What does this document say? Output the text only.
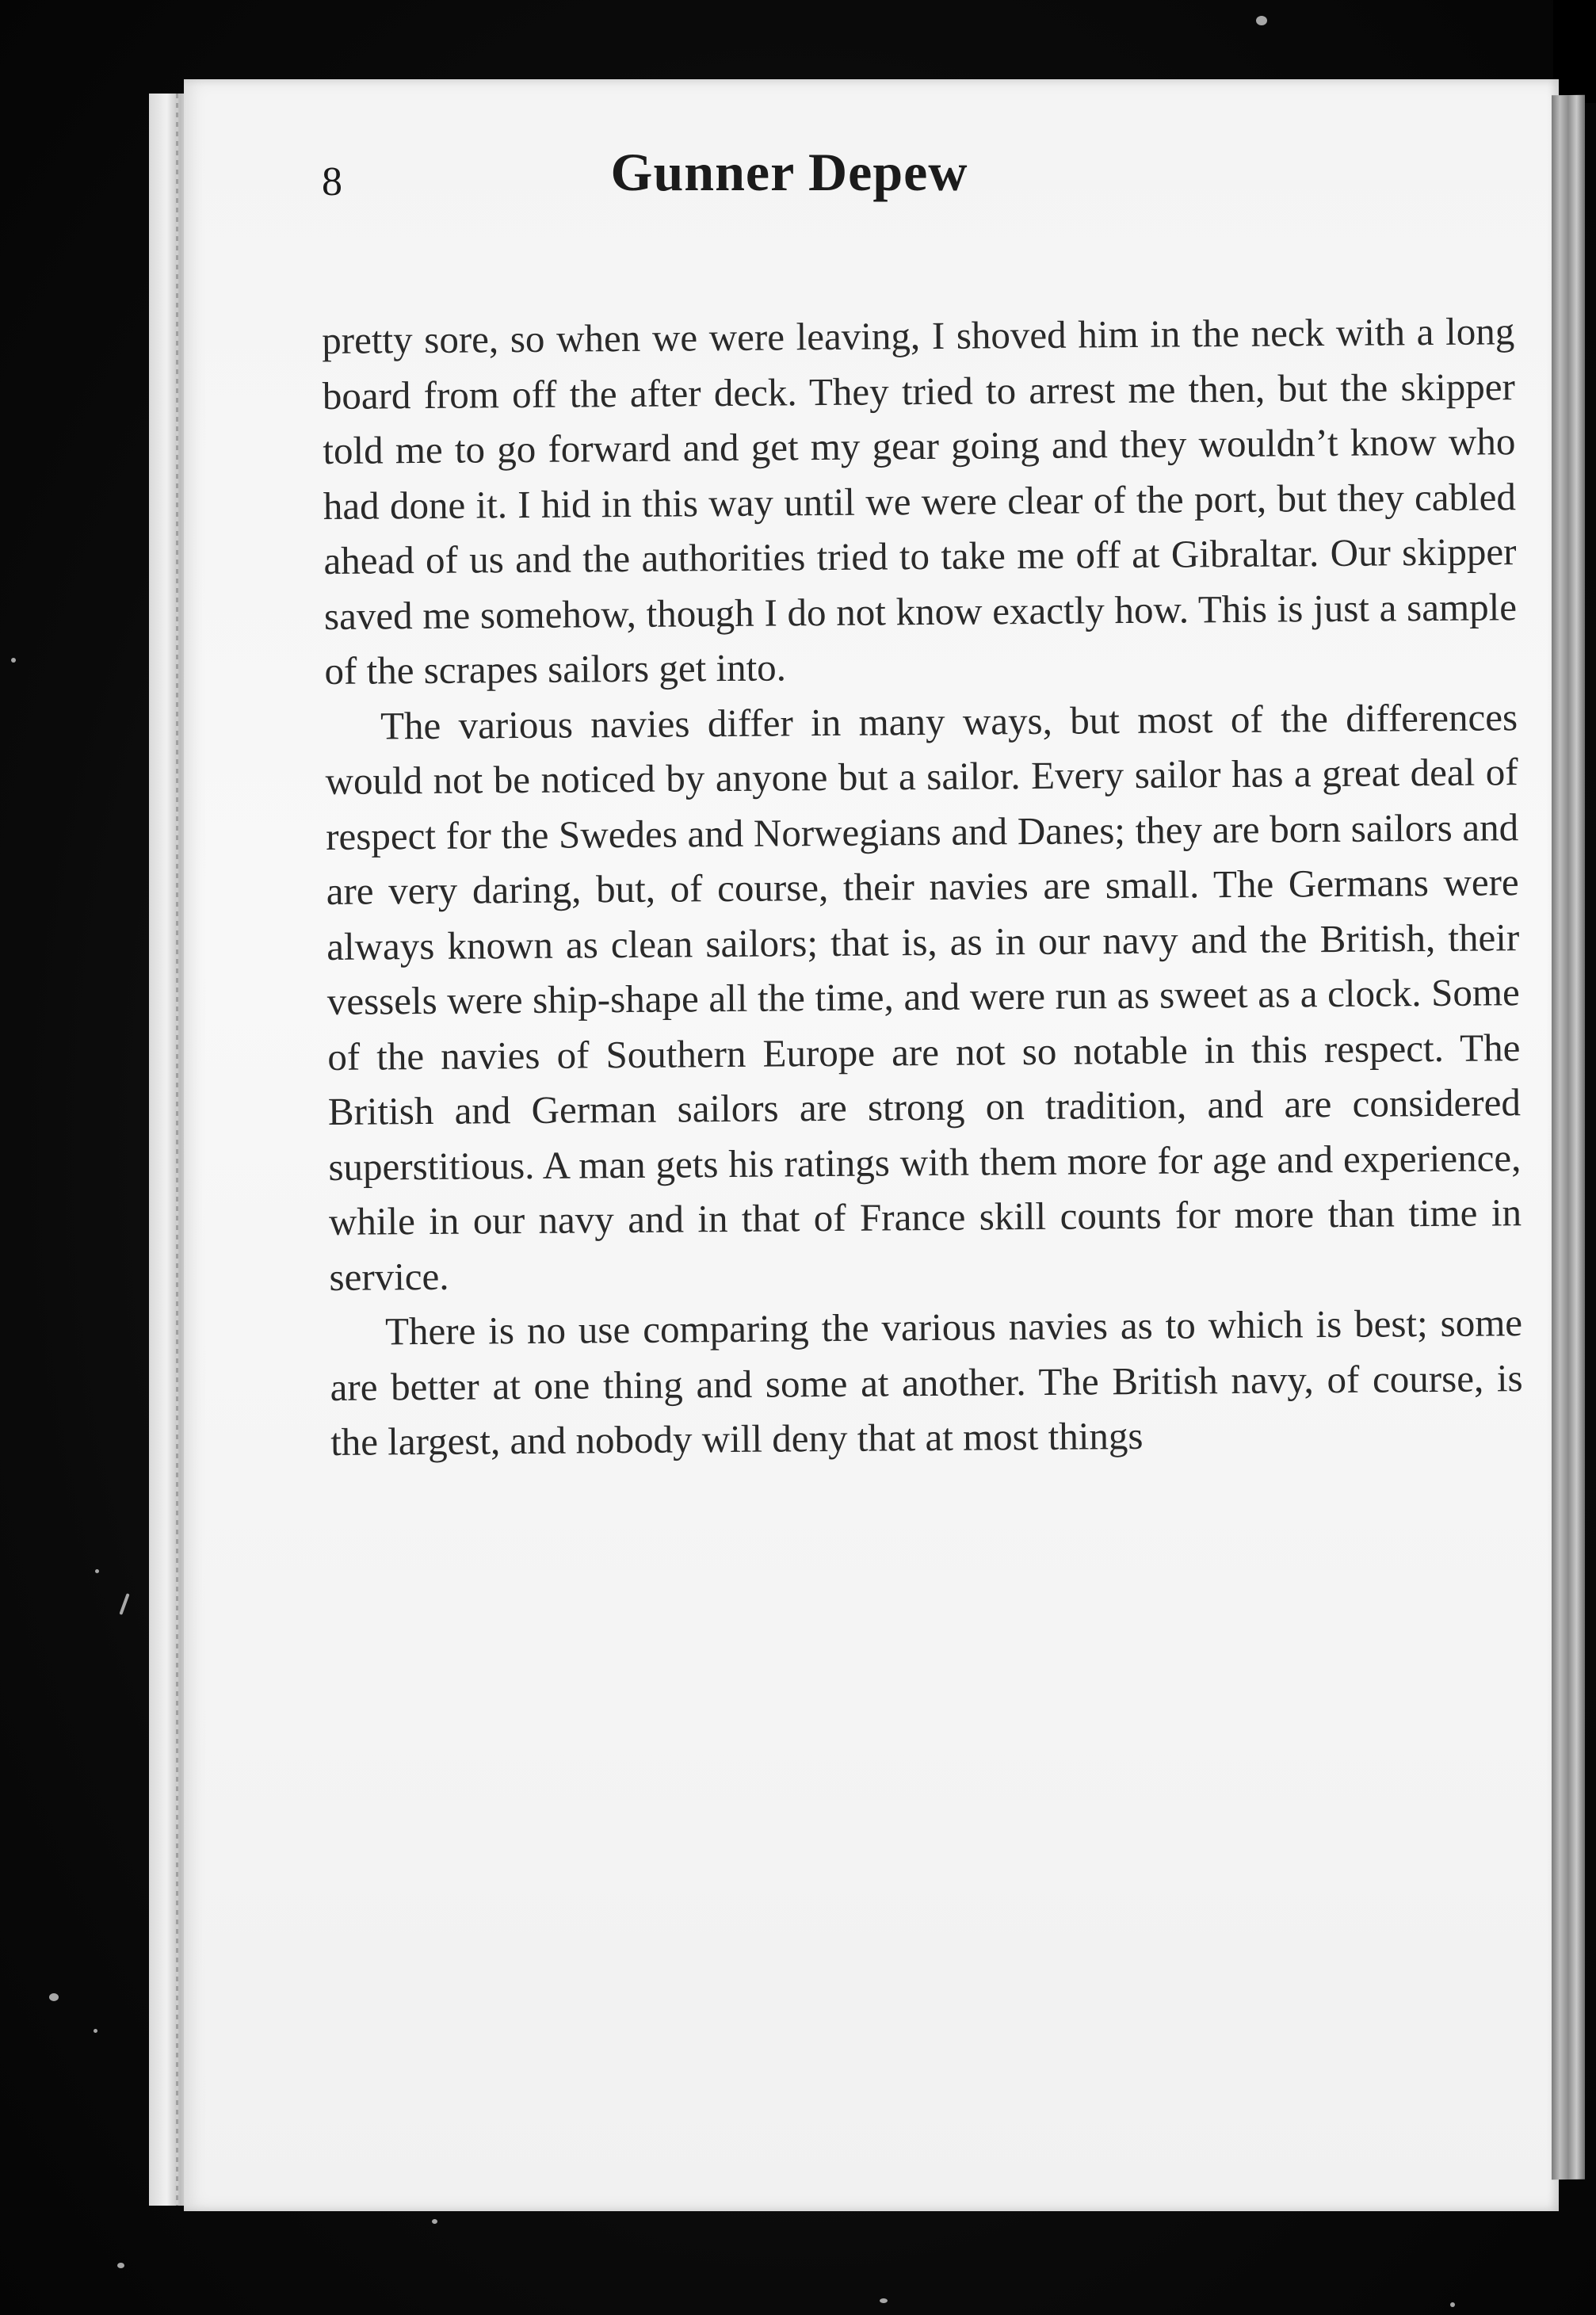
8	Gunner Depew

pretty sore, so when we were leaving, I shoved him in the neck with a long board from off the after deck. They tried to arrest me then, but the skipper told me to go forward and get my gear going and they wouldn’t know who had done it. I hid in this way until we were clear of the port, but they cabled ahead of us and the authorities tried to take me off at Gibraltar. Our skipper saved me somehow, though I do not know exactly how. This is just a sample of the scrapes sailors get into.

The various navies differ in many ways, but most of the differences would not be noticed by anyone but a sailor. Every sailor has a great deal of respect for the Swedes and Norwegians and Danes; they are born sailors and are very daring, but, of course, their navies are small. The Germans were always known as clean sailors; that is, as in our navy and the British, their vessels were ship-shape all the time, and were run as sweet as a clock. Some of the navies of Southern Europe are not so notable in this respect. The British and German sailors are strong on tradition, and are considered superstitious. A man gets his ratings with them more for age and experience, while in our navy and in that of France skill counts for more than time in service.

There is no use comparing the various navies as to which is best; some are better at one thing and some at another. The British navy, of course, is the largest, and nobody will deny that at most things
